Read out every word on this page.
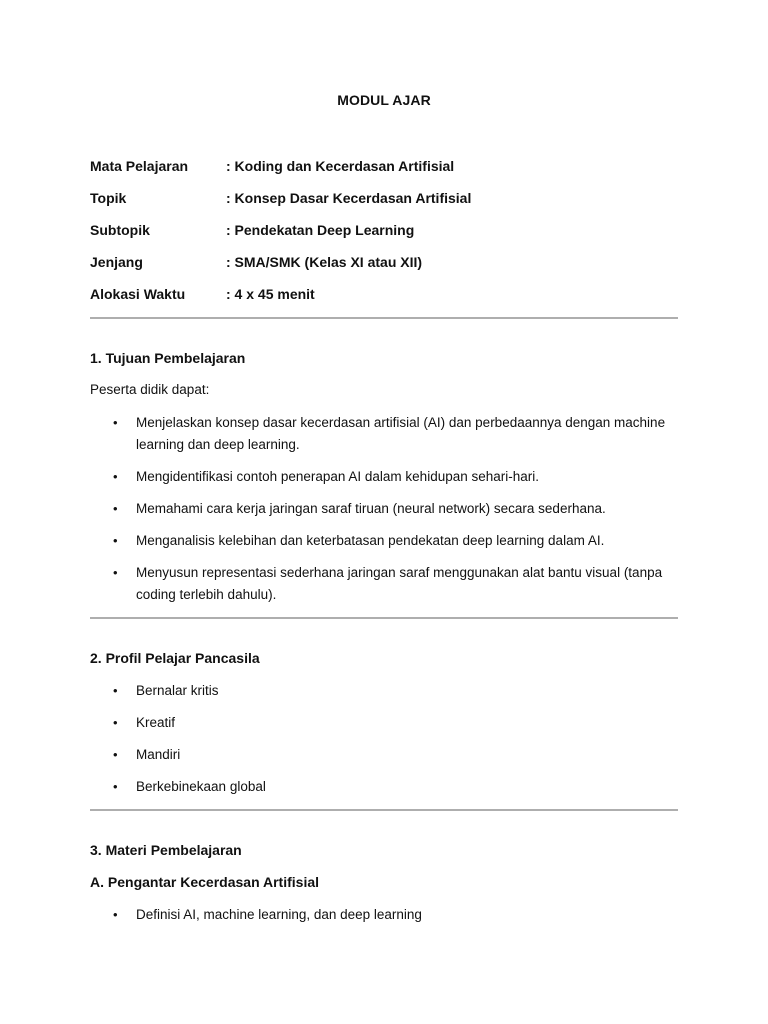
MODUL AJAR
Mata Pelajaran	: Koding dan Kecerdasan Artifisial
Topik	: Konsep Dasar Kecerdasan Artifisial
Subtopik	: Pendekatan Deep Learning
Jenjang	: SMA/SMK (Kelas XI atau XII)
Alokasi Waktu	: 4 x 45 menit
1. Tujuan Pembelajaran
Peserta didik dapat:
• Menjelaskan konsep dasar kecerdasan artifisial (AI) dan perbedaannya dengan machine learning dan deep learning.
• Mengidentifikasi contoh penerapan AI dalam kehidupan sehari-hari.
• Memahami cara kerja jaringan saraf tiruan (neural network) secara sederhana.
• Menganalisis kelebihan dan keterbatasan pendekatan deep learning dalam AI.
• Menyusun representasi sederhana jaringan saraf menggunakan alat bantu visual (tanpa coding terlebih dahulu).
2. Profil Pelajar Pancasila
• Bernalar kritis
• Kreatif
• Mandiri
• Berkebinekaan global
3. Materi Pembelajaran
A. Pengantar Kecerdasan Artifisial
• Definisi AI, machine learning, dan deep learning
